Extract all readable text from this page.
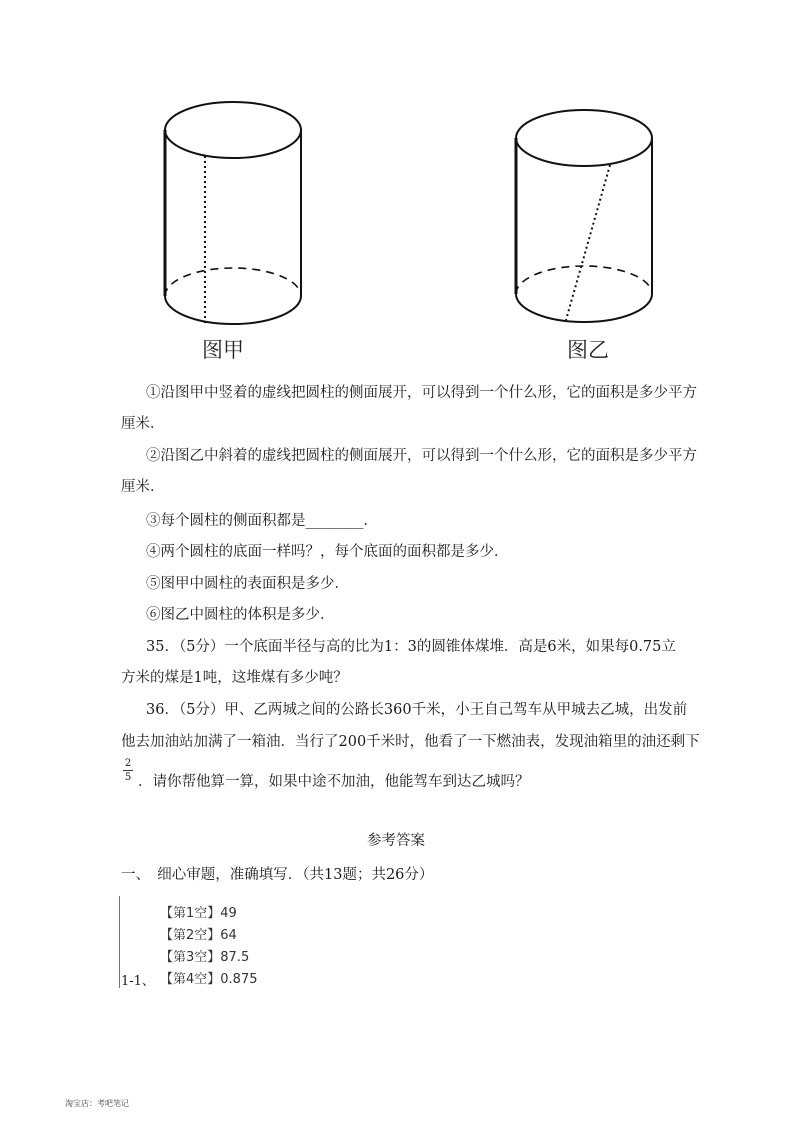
图甲	图乙
①沿图甲中竖着的虚线把圆柱的侧面展开，可以得到一个什么形，它的面积是多少平方
厘米．
②沿图乙中斜着的虚线把圆柱的侧面展开，可以得到一个什么形，它的面积是多少平方
厘米．
③每个圆柱的侧面积都是________．
④两个圆柱的底面一样吗？，每个底面的面积都是多少．
⑤图甲中圆柱的表面积是多少．
⑥图乙中圆柱的体积是多少．
35．（5分）一个底面半径与高的比为1：3的圆锥体煤堆．高是6米，如果每0.75立
方米的煤是1吨，这堆煤有多少吨？
36．（5分）甲、乙两城之间的公路长360千米，小王自己驾车从甲城去乙城，出发前
他去加油站加满了一箱油．当行了200千米时，他看了一下燃油表，发现油箱里的油还剩下
2
5 ．请你帮他算一算，如果中途不加油，他能驾车到达乙城吗？
参考答案
一、　细心审题，准确填写．（共13题；共26分）
【第1空】49
【第2空】64
【第3空】87.5
【第4空】0.875
1-1、
淘宝店：考吧笔记
